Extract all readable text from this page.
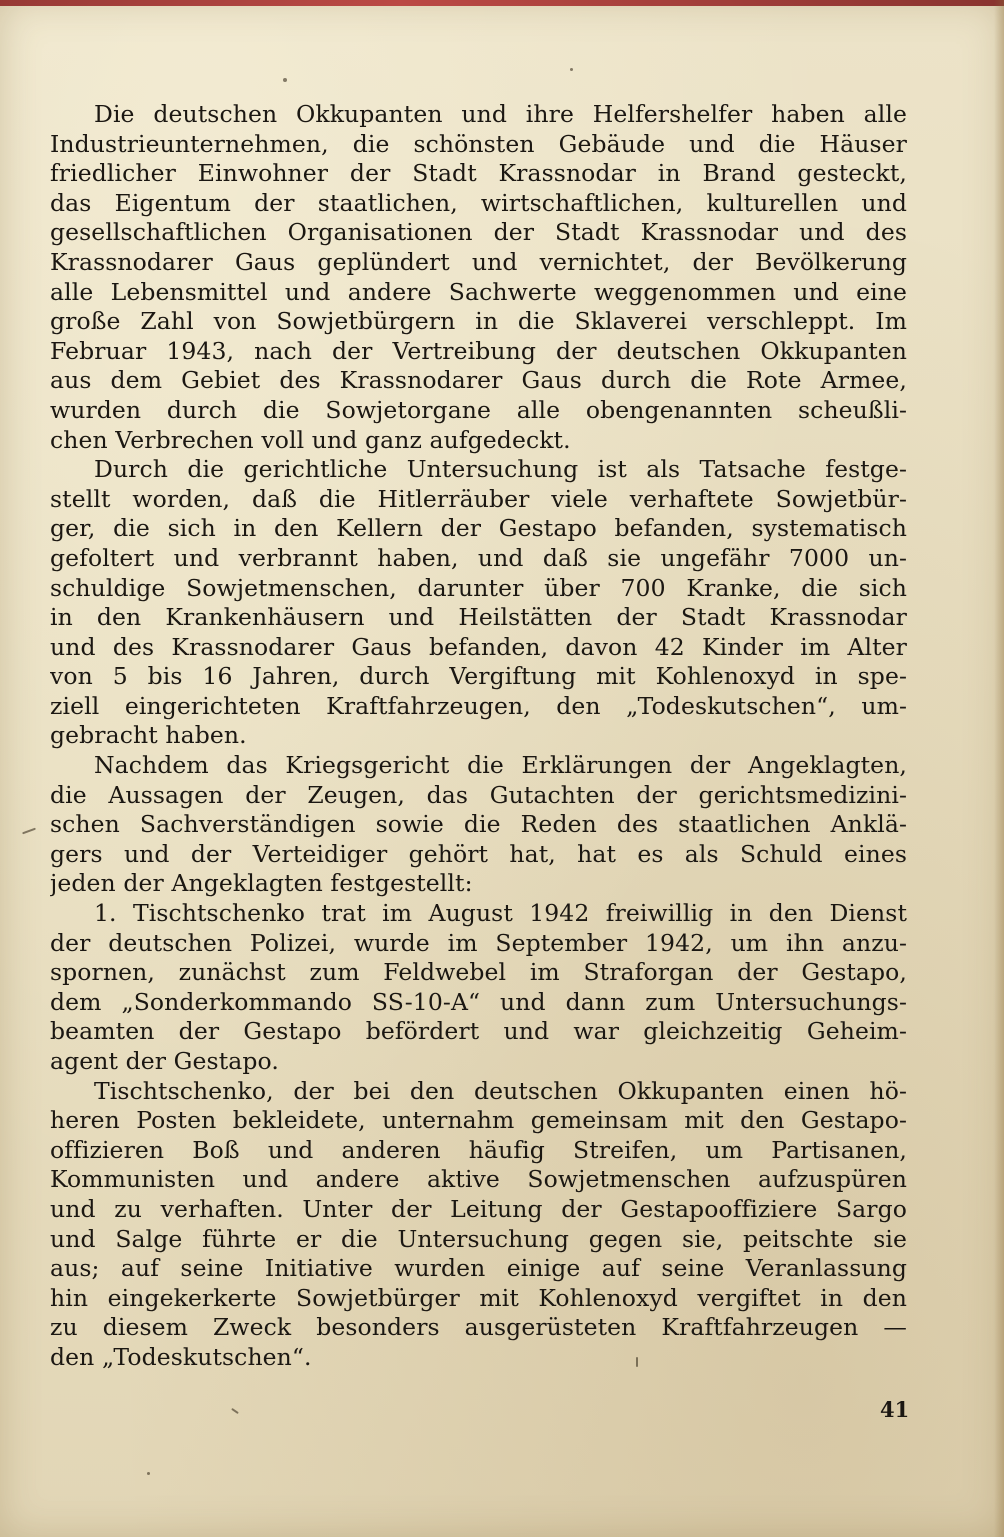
Die deutschen Okkupanten und ihre Helfershelfer haben alle
Industrieunternehmen, die schönsten Gebäude und die Häuser
friedlicher Einwohner der Stadt Krassnodar in Brand gesteckt,
das Eigentum der staatlichen, wirtschaftlichen, kulturellen und
gesellschaftlichen Organisationen der Stadt Krassnodar und des
Krassnodarer Gaus geplündert und vernichtet, der Bevölkerung
alle Lebensmittel und andere Sachwerte weggenommen und eine
große Zahl von Sowjetbürgern in die Sklaverei verschleppt. Im
Februar 1943, nach der Vertreibung der deutschen Okkupanten
aus dem Gebiet des Krassnodarer Gaus durch die Rote Armee,
wurden durch die Sowjetorgane alle obengenannten scheußli-
chen Verbrechen voll und ganz aufgedeckt.
Durch die gerichtliche Untersuchung ist als Tatsache festge-
stellt worden, daß die Hitlerräuber viele verhaftete Sowjetbür-
ger, die sich in den Kellern der Gestapo befanden, systematisch
gefoltert und verbrannt haben, und daß sie ungefähr 7000 un-
schuldige Sowjetmenschen, darunter über 700 Kranke, die sich
in den Krankenhäusern und Heilstätten der Stadt Krassnodar
und des Krassnodarer Gaus befanden, davon 42 Kinder im Alter
von 5 bis 16 Jahren, durch Vergiftung mit Kohlenoxyd in spe-
ziell eingerichteten Kraftfahrzeugen, den „Todeskutschen“, um-
gebracht haben.
Nachdem das Kriegsgericht die Erklärungen der Angeklagten,
die Aussagen der Zeugen, das Gutachten der gerichtsmedizini-
schen Sachverständigen sowie die Reden des staatlichen Anklä-
gers und der Verteidiger gehört hat, hat es als Schuld eines
jeden der Angeklagten festgestellt:
1. Tischtschenko trat im August 1942 freiwillig in den Dienst
der deutschen Polizei, wurde im September 1942, um ihn anzu-
spornen, zunächst zum Feldwebel im Straforgan der Gestapo,
dem „Sonderkommando SS-10-A“ und dann zum Untersuchungs-
beamten der Gestapo befördert und war gleichzeitig Geheim-
agent der Gestapo.
Tischtschenko, der bei den deutschen Okkupanten einen hö-
heren Posten bekleidete, unternahm gemeinsam mit den Gestapo-
offizieren Boß und anderen häufig Streifen, um Partisanen,
Kommunisten und andere aktive Sowjetmenschen aufzuspüren
und zu verhaften. Unter der Leitung der Gestapooffiziere Sargo
und Salge führte er die Untersuchung gegen sie, peitschte sie
aus; auf seine Initiative wurden einige auf seine Veranlassung
hin eingekerkerte Sowjetbürger mit Kohlenoxyd vergiftet in den
zu diesem Zweck besonders ausgerüsteten Kraftfahrzeugen —
den „Todeskutschen“.
41
